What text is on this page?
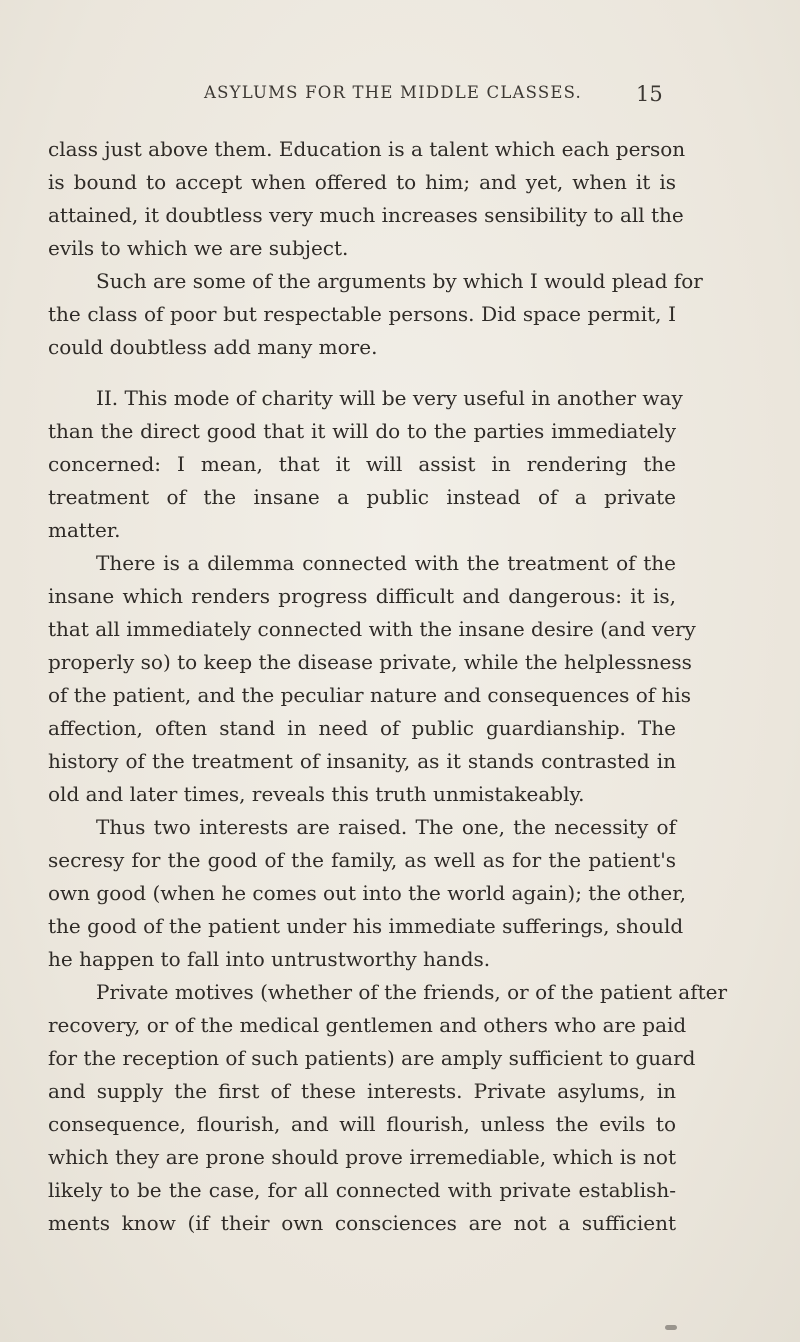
ASYLUMS FOR THE MIDDLE CLASSES.	15
class just above them. Education is a talent which each person
is bound to accept when offered to him; and yet, when it is
attained, it doubtless very much increases sensibility to all the
evils to which we are subject.
Such are some of the arguments by which I would plead for
the class of poor but respectable persons. Did space permit, I
could doubtless add many more.
II. This mode of charity will be very useful in another way
than the direct good that it will do to the parties immediately
concerned: I mean, that it will assist in rendering the
treatment of the insane a public instead of a private
matter.
There is a dilemma connected with the treatment of the
insane which renders progress difficult and dangerous: it is,
that all immediately connected with the insane desire (and very
properly so) to keep the disease private, while the helplessness
of the patient, and the peculiar nature and consequences of his
affection, often stand in need of public guardianship. The
history of the treatment of insanity, as it stands contrasted in
old and later times, reveals this truth unmistakeably.
Thus two interests are raised. The one, the necessity of
secresy for the good of the family, as well as for the patient's
own good (when he comes out into the world again); the other,
the good of the patient under his immediate sufferings, should
he happen to fall into untrustworthy hands.
Private motives (whether of the friends, or of the patient after
recovery, or of the medical gentlemen and others who are paid
for the reception of such patients) are amply sufficient to guard
and supply the first of these interests. Private asylums, in
consequence, flourish, and will flourish, unless the evils to
which they are prone should prove irremediable, which is not
likely to be the case, for all connected with private establish-
ments know (if their own consciences are not a sufficient
